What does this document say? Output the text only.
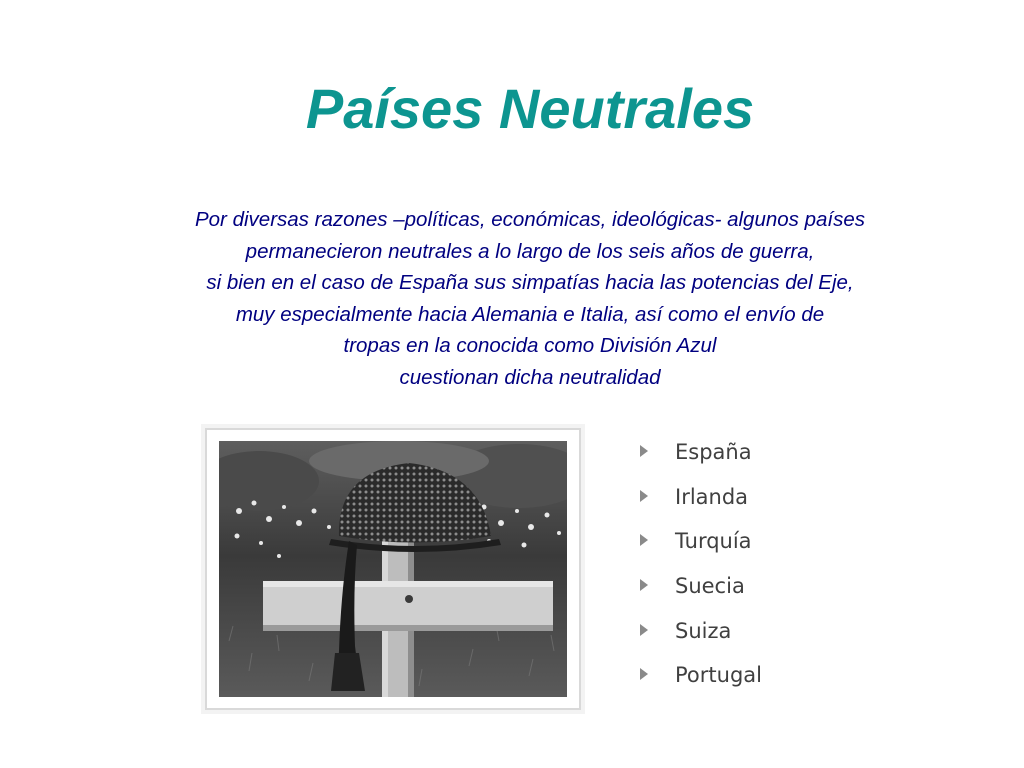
Países Neutrales

Por diversas razones –políticas, económicas, ideológicas- algunos países
permanecieron neutrales a lo largo de los seis años de guerra,
si bien en el caso de España sus simpatías hacia las potencias del Eje,
muy especialmente hacia Alemania e Italia, así como el envío de
tropas en la conocida como División Azul
cuestionan dicha neutralidad

España
Irlanda
Turquía
Suecia
Suiza
Portugal
